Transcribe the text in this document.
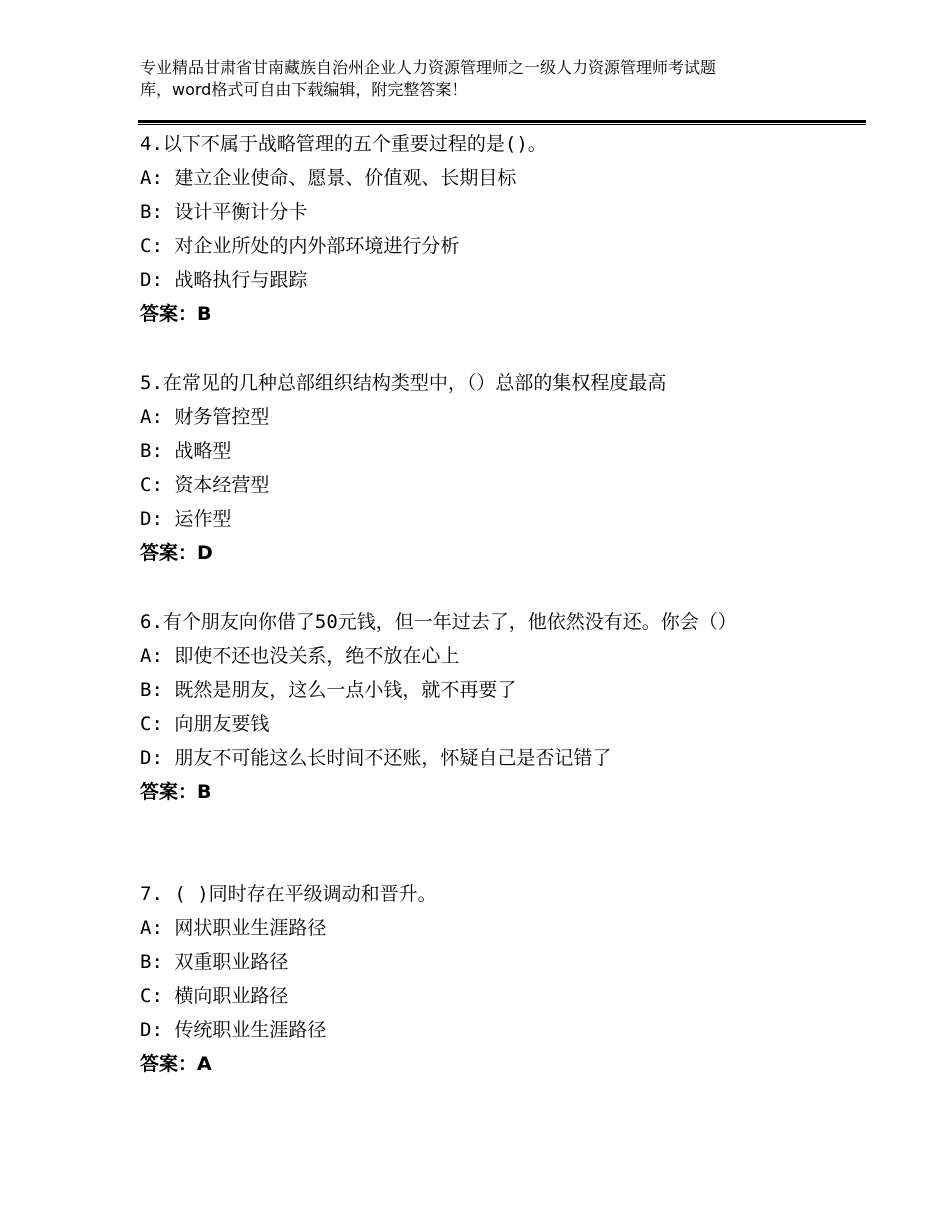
专业精品甘肃省甘南藏族自治州企业人力资源管理师之一级人力资源管理师考试题
库，word格式可自由下载编辑，附完整答案！
4.以下不属于战略管理的五个重要过程的是()。
A: 建立企业使命、愿景、价值观、长期目标
B: 设计平衡计分卡
C: 对企业所处的内外部环境进行分析
D: 战略执行与跟踪
答案：B
5.在常见的几种总部组织结构类型中，（）总部的集权程度最高
A: 财务管控型
B: 战略型
C: 资本经营型
D: 运作型
答案：D
6.有个朋友向你借了50元钱，但一年过去了，他依然没有还。你会（）
A: 即使不还也没关系，绝不放在心上
B: 既然是朋友，这么一点小钱，就不再要了
C: 向朋友要钱
D: 朋友不可能这么长时间不还账，怀疑自己是否记错了
答案：B
7. ( )同时存在平级调动和晋升。
A: 网状职业生涯路径
B: 双重职业路径
C: 横向职业路径
D: 传统职业生涯路径
答案：A
